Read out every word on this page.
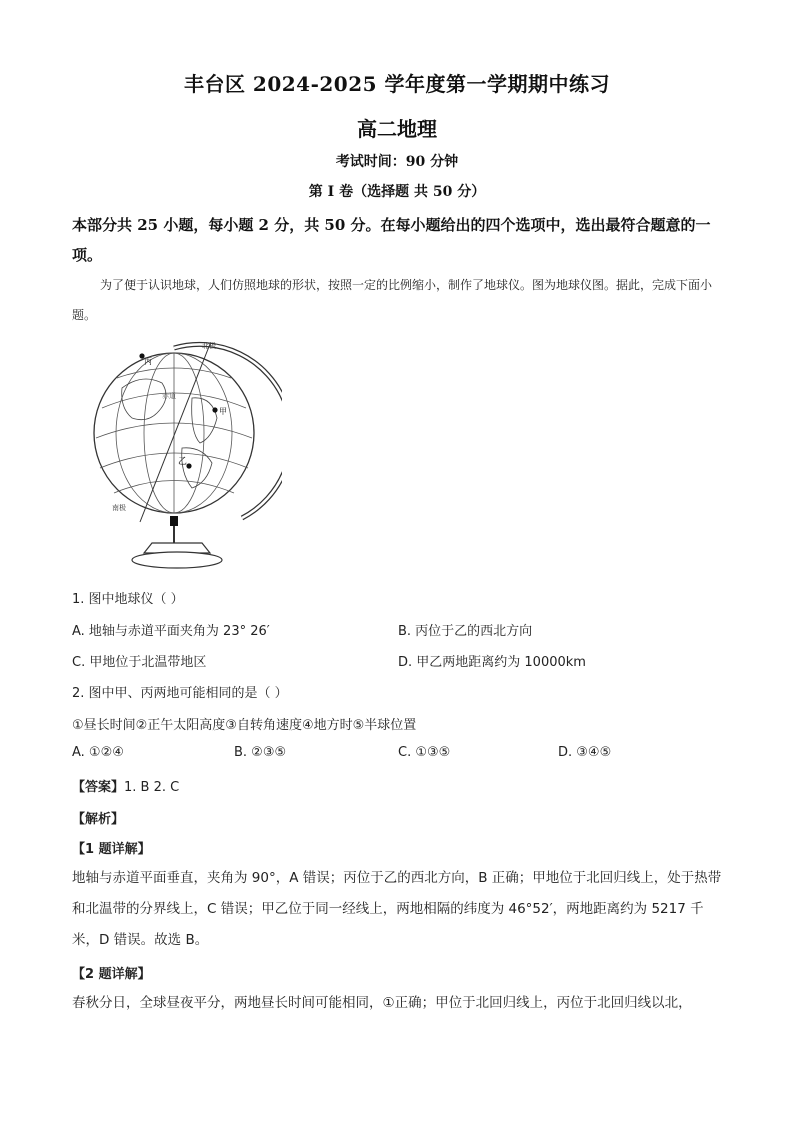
丰台区 2024-2025 学年度第一学期期中练习
高二地理
考试时间：90 分钟
第 I 卷（选择题 共 50 分）
本部分共 25 小题，每小题 2 分，共 50 分。在每小题给出的四个选项中，选出最符合题意的一项。
为了便于认识地球，人们仿照地球的形状，按照一定的比例缩小，制作了地球仪。图为地球仪图。据此，完成下面小题。
丙
甲
乙
赤道
北极
南极
1. 图中地球仪（ ）
A. 地轴与赤道平面夹角为 23° 26′	B. 丙位于乙的西北方向
C. 甲地位于北温带地区	D. 甲乙两地距离约为 10000km
2. 图中甲、丙两地可能相同的是（ ）
①昼长时间②正午太阳高度③自转角速度④地方时⑤半球位置
A. ①②④	B. ②③⑤	C. ①③⑤	D. ③④⑤
【答案】1. B 2. C
【解析】
【1 题详解】
地轴与赤道平面垂直，夹角为 90°，A 错误；丙位于乙的西北方向，B 正确；甲地位于北回归线上，处于热带和北温带的分界线上，C 错误；甲乙位于同一经线上，两地相隔的纬度为 46°52′，两地距离约为 5217 千米，D 错误。故选 B。
【2 题详解】
春秋分日，全球昼夜平分，两地昼长时间可能相同，①正确；甲位于北回归线上，丙位于北回归线以北，
